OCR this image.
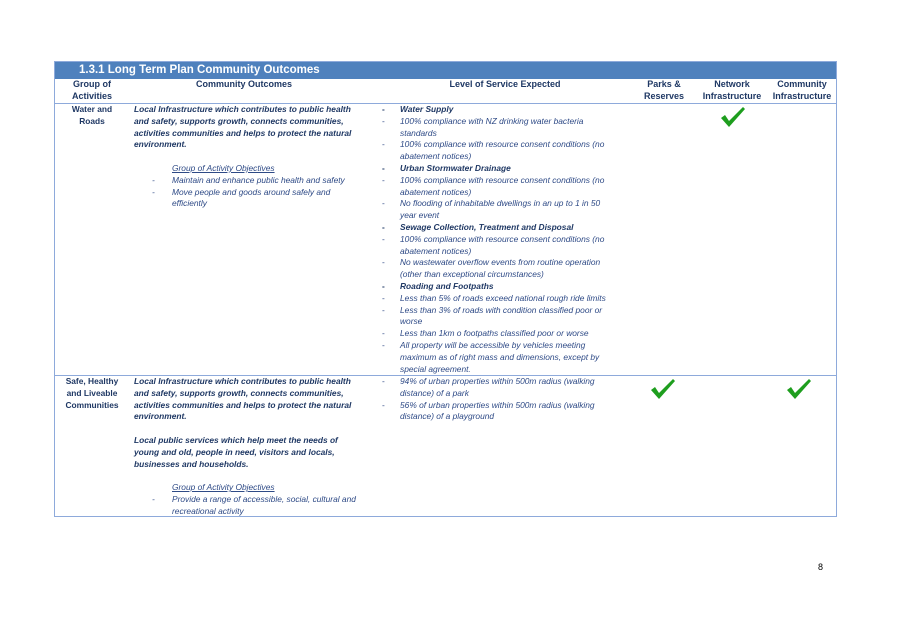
1.3.1 Long Term Plan Community Outcomes
Group of Activities
Community Outcomes	Level of Service Expected	Parks & Reserves
Network Infrastructure
Community Infrastructure
Water and Roads
Local Infrastructure which contributes to public health and safety, supports growth, connects communities, activities communities and helps to protect the natural environment.
Group of Activity Objectives
- Maintain and enhance public health and safety
- Move people and goods around safely and efficiently
- Water Supply
- 100% compliance with NZ drinking water bacteria standards
- 100% compliance with resource consent conditions (no abatement notices)
- Urban Stormwater Drainage
- 100% compliance with resource consent conditions (no abatement notices)
- No flooding of inhabitable dwellings in an up to 1 in 50 year event
- Sewage Collection, Treatment and Disposal
- 100% compliance with resource consent conditions (no abatement notices)
- No wastewater overflow events from routine operation (other than exceptional circumstances)
- Roading and Footpaths
- Less than 5% of roads exceed national rough ride limits
- Less than 3% of roads with condition classified poor or worse
- Less than 1km o footpaths classified poor or worse
- All property will be accessible by vehicles meeting maximum as of right mass and dimensions, except by special agreement.
Safe, Healthy and Liveable Communities
Local Infrastructure which contributes to public health and safety, supports growth, connects communities, activities communities and helps to protect the natural environment.
Local public services which help meet the needs of young and old, people in need, visitors and locals, businesses and households.
Group of Activity Objectives
- Provide a range of accessible, social, cultural and recreational activity
- 94% of urban properties within 500m radius (walking distance) of a park
- 56% of urban properties within 500m radius (walking distance) of a playground
8
